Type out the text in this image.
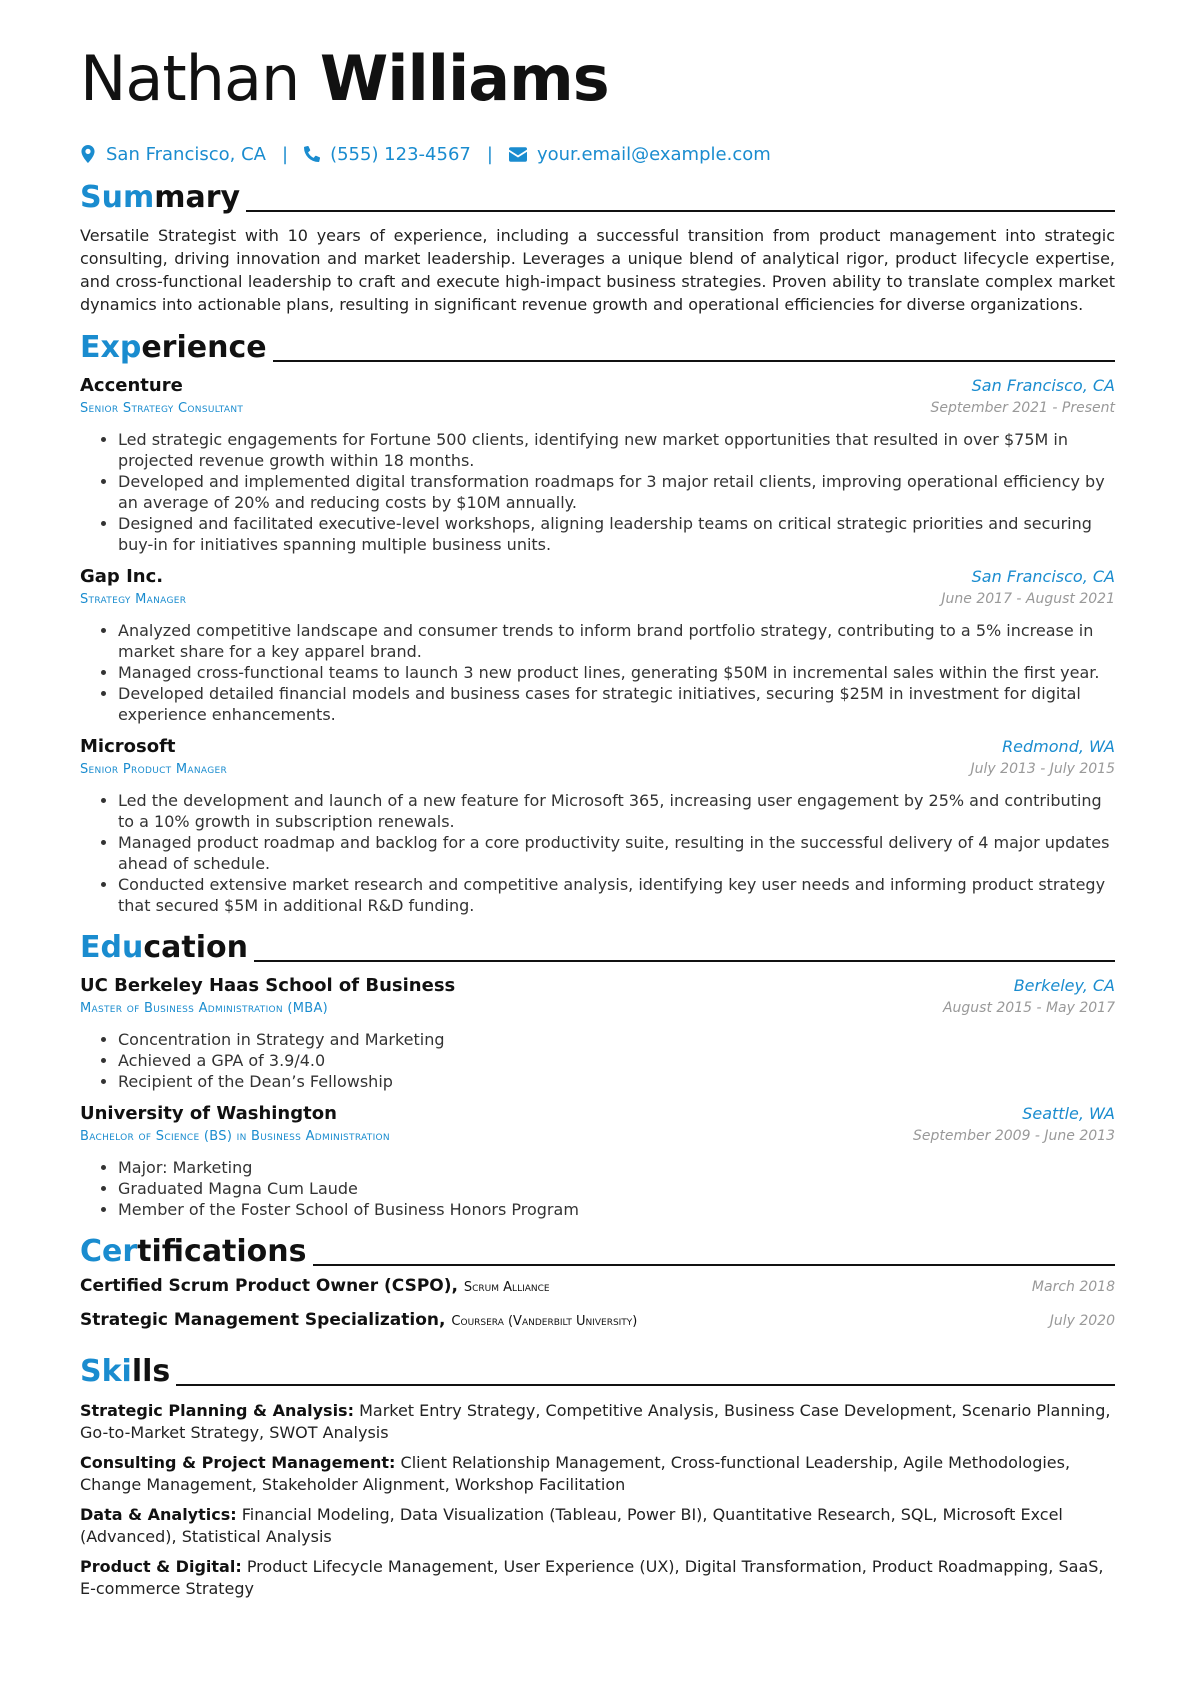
Nathan Williams
San Francisco, CA | (555) 123-4567 | your.email@example.com
Summary
Versatile Strategist with 10 years of experience, including a successful transition from product management into strategic consulting, driving innovation and market leadership. Leverages a unique blend of analytical rigor, product lifecycle expertise, and cross-functional leadership to craft and execute high-impact business strategies. Proven ability to translate complex market dynamics into actionable plans, resulting in significant revenue growth and operational efficiencies for diverse organizations.
Experience
Accenture	San Francisco, CA
Senior Strategy Consultant	September 2021 - Present
• Led strategic engagements for Fortune 500 clients, identifying new market opportunities that resulted in over $75M in projected revenue growth within 18 months.
• Developed and implemented digital transformation roadmaps for 3 major retail clients, improving operational efficiency by an average of 20% and reducing costs by $10M annually.
• Designed and facilitated executive-level workshops, aligning leadership teams on critical strategic priorities and securing buy-in for initiatives spanning multiple business units.
Gap Inc.	San Francisco, CA
Strategy Manager	June 2017 - August 2021
• Analyzed competitive landscape and consumer trends to inform brand portfolio strategy, contributing to a 5% increase in market share for a key apparel brand.
• Managed cross-functional teams to launch 3 new product lines, generating $50M in incremental sales within the first year.
• Developed detailed financial models and business cases for strategic initiatives, securing $25M in investment for digital experience enhancements.
Microsoft	Redmond, WA
Senior Product Manager	July 2013 - July 2015
• Led the development and launch of a new feature for Microsoft 365, increasing user engagement by 25% and contributing to a 10% growth in subscription renewals.
• Managed product roadmap and backlog for a core productivity suite, resulting in the successful delivery of 4 major updates ahead of schedule.
• Conducted extensive market research and competitive analysis, identifying key user needs and informing product strategy that secured $5M in additional R&D funding.
Education
UC Berkeley Haas School of Business	Berkeley, CA
Master of Business Administration (MBA)	August 2015 - May 2017
• Concentration in Strategy and Marketing
• Achieved a GPA of 3.9/4.0
• Recipient of the Dean’s Fellowship
University of Washington	Seattle, WA
Bachelor of Science (BS) in Business Administration	September 2009 - June 2013
• Major: Marketing
• Graduated Magna Cum Laude
• Member of the Foster School of Business Honors Program
Certifications
Certified Scrum Product Owner (CSPO), Scrum Alliance	March 2018
Strategic Management Specialization, Coursera (Vanderbilt University)	July 2020
Skills
Strategic Planning & Analysis: Market Entry Strategy, Competitive Analysis, Business Case Development, Scenario Planning, Go-to-Market Strategy, SWOT Analysis
Consulting & Project Management: Client Relationship Management, Cross-functional Leadership, Agile Methodologies, Change Management, Stakeholder Alignment, Workshop Facilitation
Data & Analytics: Financial Modeling, Data Visualization (Tableau, Power BI), Quantitative Research, SQL, Microsoft Excel (Advanced), Statistical Analysis
Product & Digital: Product Lifecycle Management, User Experience (UX), Digital Transformation, Product Roadmapping, SaaS, E-commerce Strategy
